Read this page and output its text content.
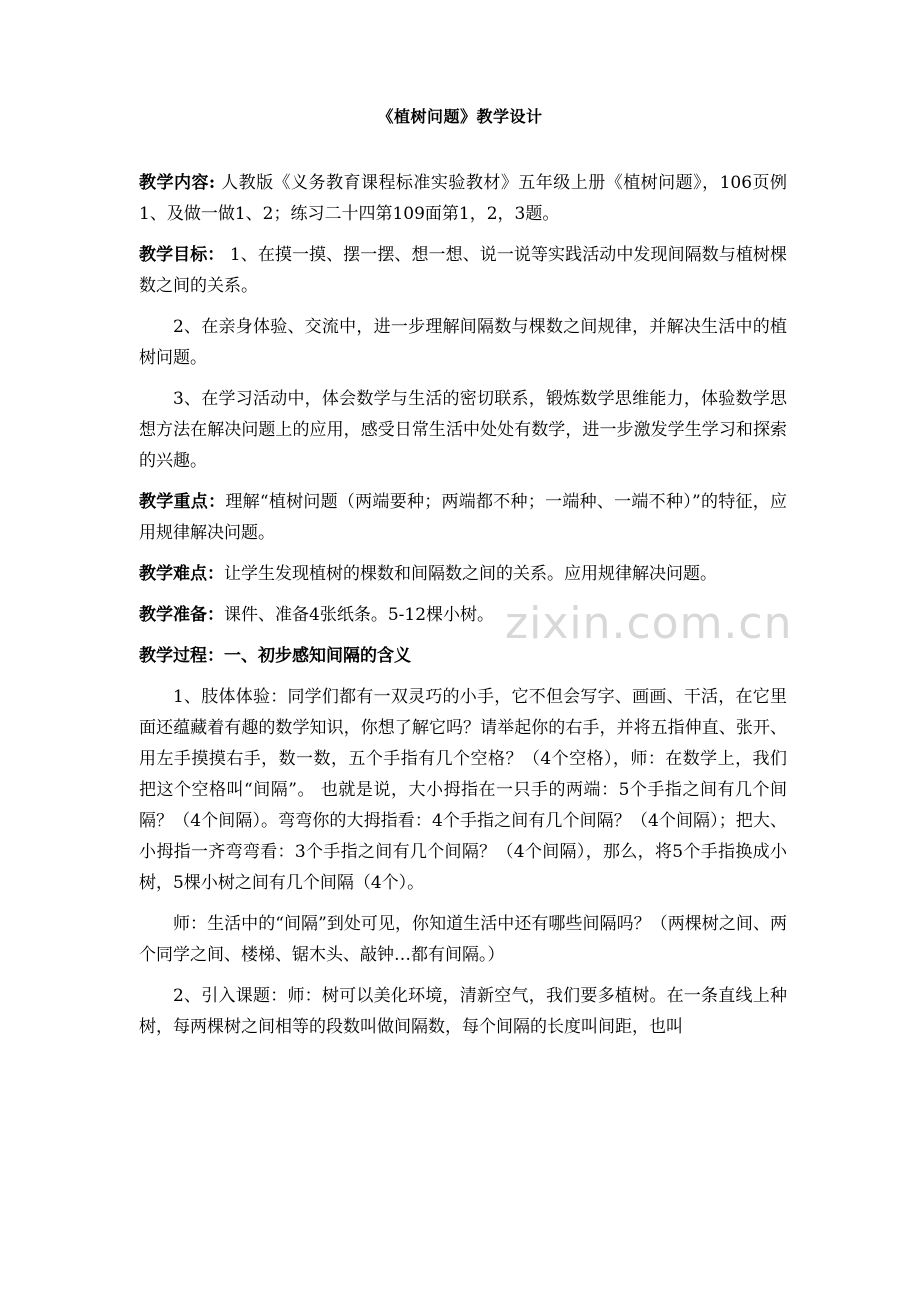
《植树问题》教学设计

教学内容: 人教版《义务教育课程标准实验教材》五年级上册《植树问题》，106页例1、及做一做1、2；练习二十四第109面第1，2，3题。

教学目标： 1、在摸一摸、摆一摆、想一想、说一说等实践活动中发现间隔数与植树棵数之间的关系。

2、在亲身体验、交流中，进一步理解间隔数与棵数之间规律，并解决生活中的植树问题。

3、在学习活动中，体会数学与生活的密切联系，锻炼数学思维能力，体验数学思想方法在解决问题上的应用，感受日常生活中处处有数学，进一步激发学生学习和探索的兴趣。

教学重点：理解“植树问题（两端要种；两端都不种；一端种、一端不种）”的特征，应用规律解决问题。

教学难点：让学生发现植树的棵数和间隔数之间的关系。应用规律解决问题。

教学准备：课件、准备4张纸条。5-12棵小树。

教学过程：一、初步感知间隔的含义

1、肢体体验：同学们都有一双灵巧的小手，它不但会写字、画画、干活，在它里面还蕴藏着有趣的数学知识，你想了解它吗？请举起你的右手，并将五指伸直、张开、用左手摸摸右手，数一数，五个手指有几个空格？（4个空格），师：在数学上，我们把这个空格叫“间隔”。 也就是说，大小拇指在一只手的两端：5个手指之间有几个间隔？（4个间隔）。弯弯你的大拇指看：4个手指之间有几个间隔？（4个间隔）；把大、小拇指一齐弯弯看：3个手指之间有几个间隔？（4个间隔），那么，将5个手指换成小树，5棵小树之间有几个间隔（4个）。

师：生活中的“间隔”到处可见，你知道生活中还有哪些间隔吗？（两棵树之间、两个同学之间、楼梯、锯木头、敲钟…都有间隔。）

2、引入课题：师：树可以美化环境，清新空气，我们要多植树。在一条直线上种树，每两棵树之间相等的段数叫做间隔数，每个间隔的长度叫间距，也叫

zixin.com.cn
